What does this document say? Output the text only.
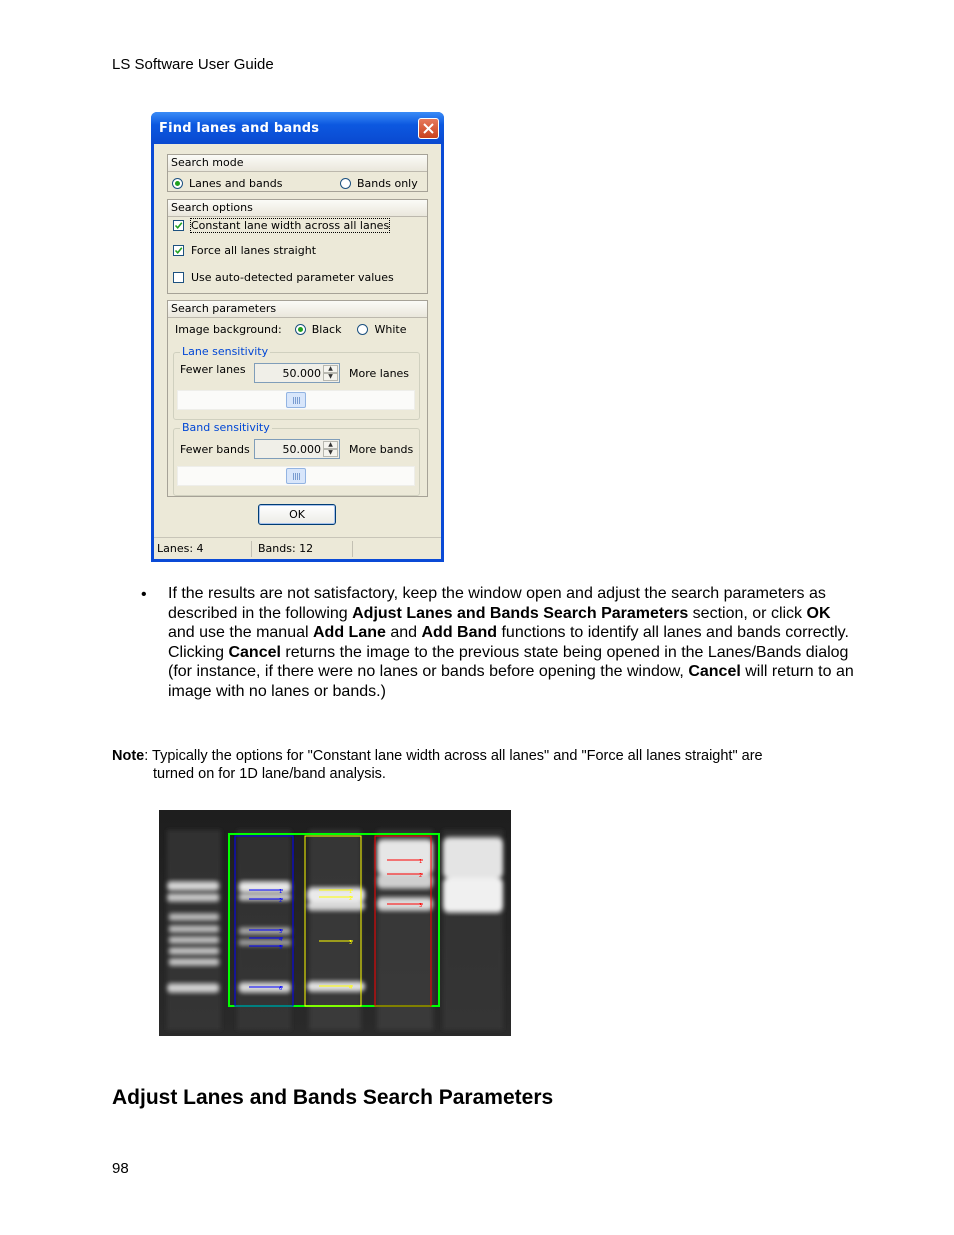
LS Software User Guide
Find lanes and bands
Search mode
Lanes and bands	Bands only
Search options
Constant lane width across all lanes
Force all lanes straight
Use auto-detected parameter values
Search parameters
Image background:	Black	White
Lane sensitivity
Fewer lanes	50.000	▲
▼	More lanes
Band sensitivity
Fewer bands	50.000	▲
▼	More bands
OK
Lanes: 4	Bands: 12
• If the results are not satisfactory, keep the window open and adjust the search parameters as described in the following Adjust Lanes and Bands Search Parameters section, or click OK and use the manual Add Lane and Add Band functions to identify all lanes and bands correctly. Clicking Cancel returns the image to the previous state being opened in the Lanes/Bands dialog (for instance, if there were no lanes or bands before opening the window, Cancel will return to an image with no lanes or bands.)
Note: Typically the options for "Constant lane width across all lanes" and "Force all lanes straight" are
turned on for 1D lane/band analysis.
1
2
3
4
5
6
1
2
3
4
1
2
3
Adjust Lanes and Bands Search Parameters
98
